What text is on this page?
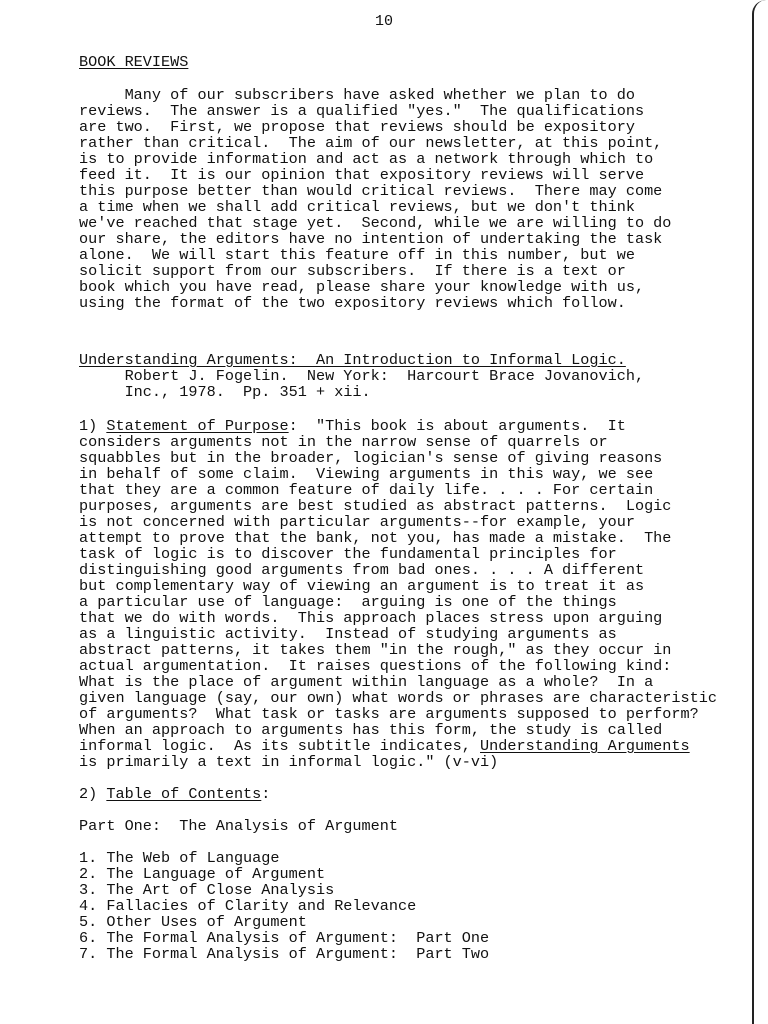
10
BOOK REVIEWS
Many of our subscribers have asked whether we plan to do
reviews.  The answer is a qualified "yes."  The qualifications
are two.  First, we propose that reviews should be expository
rather than critical.  The aim of our newsletter, at this point,
is to provide information and act as a network through which to
feed it.  It is our opinion that expository reviews will serve
this purpose better than would critical reviews.  There may come
a time when we shall add critical reviews, but we don't think
we've reached that stage yet.  Second, while we are willing to do
our share, the editors have no intention of undertaking the task
alone.  We will start this feature off in this number, but we
solicit support from our subscribers.  If there is a text or
book which you have read, please share your knowledge with us,
using the format of the two expository reviews which follow.
Understanding Arguments:  An Introduction to Informal Logic.
Robert J. Fogelin.  New York:  Harcourt Brace Jovanovich,
Inc., 1978.  Pp. 351 + xii.
1) Statement of Purpose:  "This book is about arguments.  It
considers arguments not in the narrow sense of quarrels or
squabbles but in the broader, logician's sense of giving reasons
in behalf of some claim.  Viewing arguments in this way, we see
that they are a common feature of daily life. . . . For certain
purposes, arguments are best studied as abstract patterns.  Logic
is not concerned with particular arguments--for example, your
attempt to prove that the bank, not you, has made a mistake.  The
task of logic is to discover the fundamental principles for
distinguishing good arguments from bad ones. . . . A different
but complementary way of viewing an argument is to treat it as
a particular use of language:  arguing is one of the things
that we do with words.  This approach places stress upon arguing
as a linguistic activity.  Instead of studying arguments as
abstract patterns, it takes them "in the rough," as they occur in
actual argumentation.  It raises questions of the following kind:
What is the place of argument within language as a whole?  In a
given language (say, our own) what words or phrases are characteristic
of arguments?  What task or tasks are arguments supposed to perform?
When an approach to arguments has this form, the study is called
informal logic.  As its subtitle indicates, Understanding Arguments
is primarily a text in informal logic." (v-vi)
2) Table of Contents:
Part One:  The Analysis of Argument
1. The Web of Language
2. The Language of Argument
3. The Art of Close Analysis
4. Fallacies of Clarity and Relevance
5. Other Uses of Argument
6. The Formal Analysis of Argument:  Part One
7. The Formal Analysis of Argument:  Part Two
